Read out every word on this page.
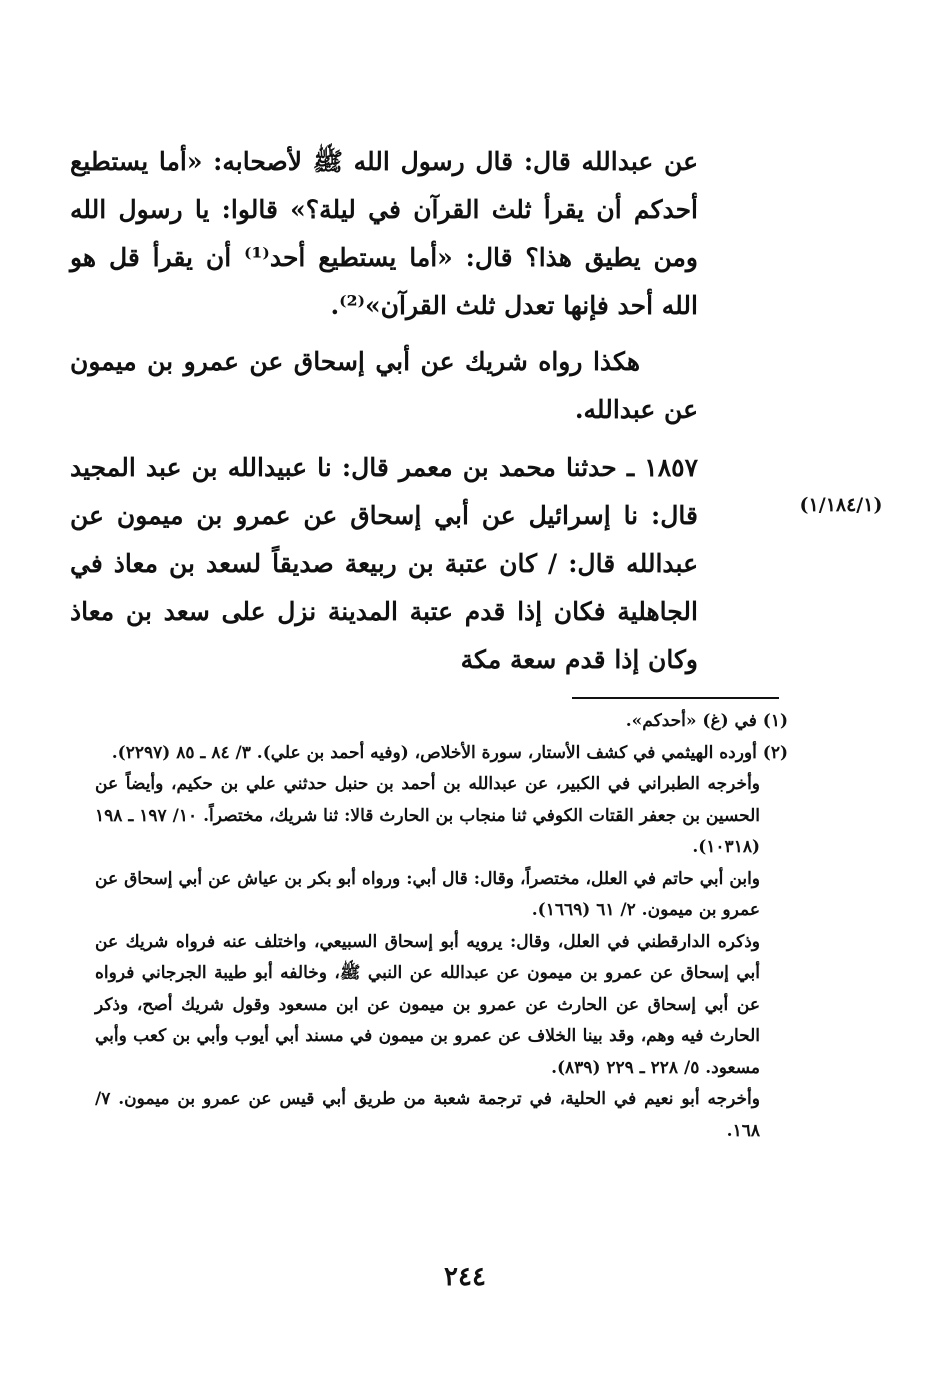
عن عبدالله قال: قال رسول الله ﷺ لأصحابه: «أما يستطيع أحدكم أن يقرأ ثلث القرآن في ليلة؟» قالوا: يا رسول الله ومن يطيق هذا؟ قال: «أما يستطيع أحد⁽¹⁾ أن يقرأ قل هو الله أحد فإنها تعدل ثلث القرآن»⁽²⁾.

هكذا رواه شريك عن أبي إسحاق عن عمرو بن ميمون عن عبدالله.

١٨٥٧ ـ حدثنا محمد بن معمر قال: نا عبيدالله بن عبد المجيد قال: نا إسرائيل عن أبي إسحاق عن عمرو بن ميمون عن عبدالله قال: / كان عتبة بن ربيعة صديقاً لسعد بن معاذ في الجاهلية فكان إذا قدم عتبة المدينة نزل على سعد بن معاذ وكان إذا قدم سعة مكة

(١/١٨٤/١)

(١) في (غ) «أحدكم».

(٢) أورده الهيثمي في كشف الأستار، سورة الأخلاص، (وفيه أحمد بن علي). ٣/ ٨٤ ـ ٨٥ (٢٢٩٧).

وأخرجه الطبراني في الكبير، عن عبدالله بن أحمد بن حنبل حدثني علي بن حكيم، وأيضاً عن الحسين بن جعفر القتات الكوفي ثنا منجاب بن الحارث قالا: ثنا شريك، مختصراً. ١٠/ ١٩٧ ـ ١٩٨ (١٠٣١٨).

وابن أبي حاتم في العلل، مختصراً، وقال: قال أبي: ورواه أبو بكر بن عياش عن أبي إسحاق عن عمرو بن ميمون. ٢/ ٦١ (١٦٦٩).

وذكره الدارقطني في العلل، وقال: يرويه أبو إسحاق السبيعي، واختلف عنه فرواه شريك عن أبي إسحاق عن عمرو بن ميمون عن عبدالله عن النبي ﷺ، وخالفه أبو طيبة الجرجاني فرواه عن أبي إسحاق عن الحارث عن عمرو بن ميمون عن ابن مسعود وقول شريك أصح، وذكر الحارث فيه وهم، وقد بينا الخلاف عن عمرو بن ميمون في مسند أبي أيوب وأبي بن كعب وأبي مسعود. ٥/ ٢٢٨ ـ ٢٢٩ (٨٣٩).

وأخرجه أبو نعيم في الحلية، في ترجمة شعبة من طريق أبي قيس عن عمرو بن ميمون. ٧/ ١٦٨.

٢٤٤
